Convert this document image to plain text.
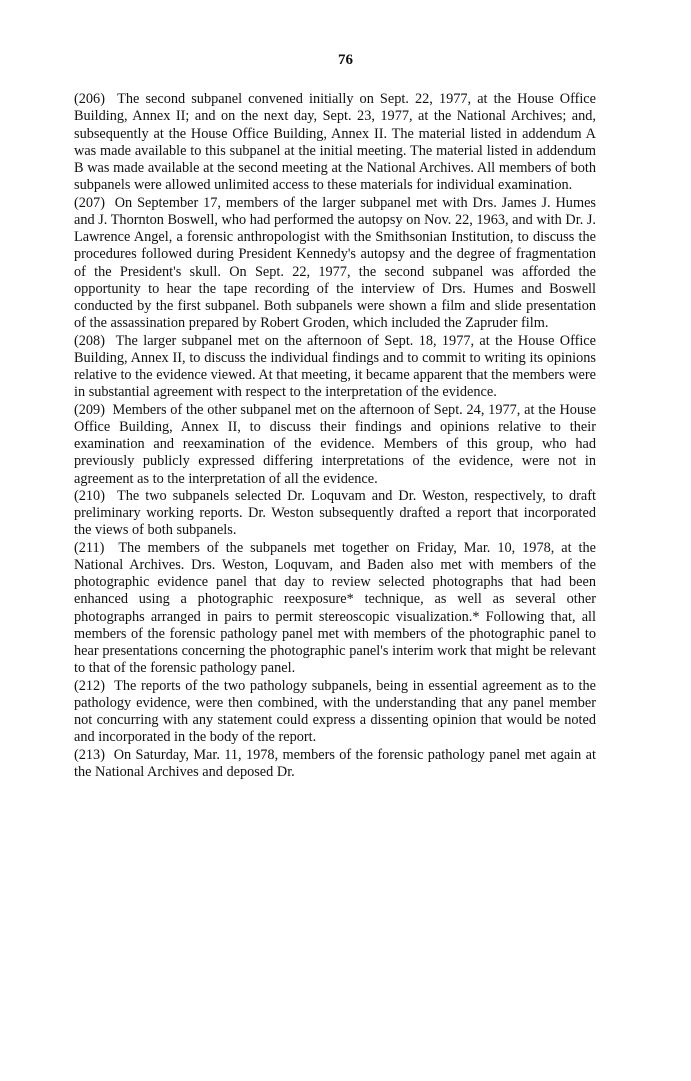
76

(206) The second subpanel convened initially on Sept. 22, 1977, at the House Office Building, Annex II; and on the next day, Sept. 23, 1977, at the National Archives; and, subsequently at the House Office Building, Annex II. The material listed in addendum A was made available to this subpanel at the initial meeting. The material listed in addendum B was made available at the second meeting at the National Archives. All members of both subpanels were allowed unlimited access to these materials for individual examination.

(207) On September 17, members of the larger subpanel met with Drs. James J. Humes and J. Thornton Boswell, who had performed the autopsy on Nov. 22, 1963, and with Dr. J. Lawrence Angel, a forensic anthropologist with the Smithsonian Institution, to discuss the procedures followed during President Kennedy's autopsy and the degree of fragmentation of the President's skull. On Sept. 22, 1977, the second subpanel was afforded the opportunity to hear the tape recording of the interview of Drs. Humes and Boswell conducted by the first subpanel. Both subpanels were shown a film and slide presentation of the assassination prepared by Robert Groden, which included the Zapruder film.

(208) The larger subpanel met on the afternoon of Sept. 18, 1977, at the House Office Building, Annex II, to discuss the individual findings and to commit to writing its opinions relative to the evidence viewed. At that meeting, it became apparent that the members were in substantial agreement with respect to the interpretation of the evidence.

(209) Members of the other subpanel met on the afternoon of Sept. 24, 1977, at the House Office Building, Annex II, to discuss their findings and opinions relative to their examination and reexamination of the evidence. Members of this group, who had previously publicly expressed differing interpretations of the evidence, were not in agreement as to the interpretation of all the evidence.

(210) The two subpanels selected Dr. Loquvam and Dr. Weston, respectively, to draft preliminary working reports. Dr. Weston subsequently drafted a report that incorporated the views of both subpanels.

(211) The members of the subpanels met together on Friday, Mar. 10, 1978, at the National Archives. Drs. Weston, Loquvam, and Baden also met with members of the photographic evidence panel that day to review selected photographs that had been enhanced using a photographic reexposure* technique, as well as several other photographs arranged in pairs to permit stereoscopic visualization.* Following that, all members of the forensic pathology panel met with members of the photographic panel to hear presentations concerning the photographic panel's interim work that might be relevant to that of the forensic pathology panel.

(212) The reports of the two pathology subpanels, being in essential agreement as to the pathology evidence, were then combined, with the understanding that any panel member not concurring with any statement could express a dissenting opinion that would be noted and incorporated in the body of the report.

(213) On Saturday, Mar. 11, 1978, members of the forensic pathology panel met again at the National Archives and deposed Dr.
